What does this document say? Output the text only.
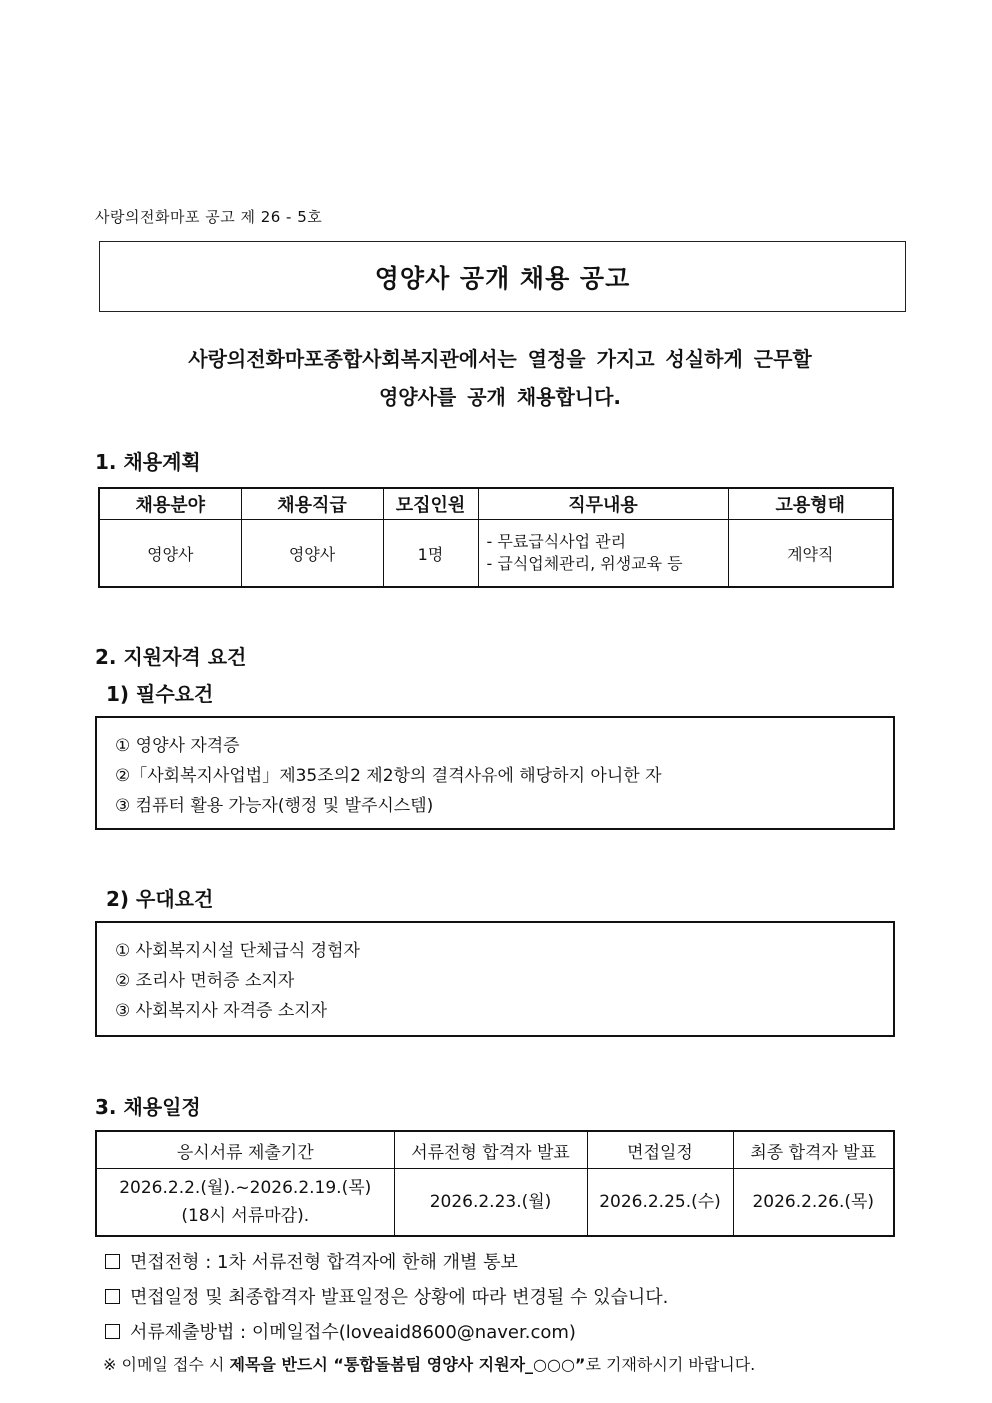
사랑의전화마포 공고 제 26 - 5호
영양사 공개 채용 공고
사랑의전화마포종합사회복지관에서는 열정을 가지고 성실하게 근무할
영양사를 공개 채용합니다.
1. 채용계획
채용분야	채용직급	모집인원	직무내용	고용형태
영양사	영양사	1명	- 무료급식사업 관리
- 급식업체관리, 위생교육 등	계약직
2. 지원자격 요건
1) 필수요건
① 영양사 자격증
②「사회복지사업법」제35조의2 제2항의 결격사유에 해당하지 아니한 자
③ 컴퓨터 활용 가능자(행정 및 발주시스템)
2) 우대요건
① 사회복지시설 단체급식 경험자
② 조리사 면허증 소지자
③ 사회복지사 자격증 소지자
3. 채용일정
응시서류 제출기간	서류전형 합격자 발표	면접일정	최종 합격자 발표

2026.2.2.(월).~2026.2.19.(목)
(18시 서류마감).	2026.2.23.(월)	2026.2.25.(수)	2026.2.26.(목)
면접전형 : 1차 서류전형 합격자에 한해 개별 통보
면접일정 및 최종합격자 발표일정은 상황에 따라 변경될 수 있습니다.
서류제출방법 : 이메일접수(loveaid8600@naver.com)
※ 이메일 접수 시 제목을 반드시 “통합돌봄팀 영양사 지원자_○○○”로 기재하시기 바랍니다.
